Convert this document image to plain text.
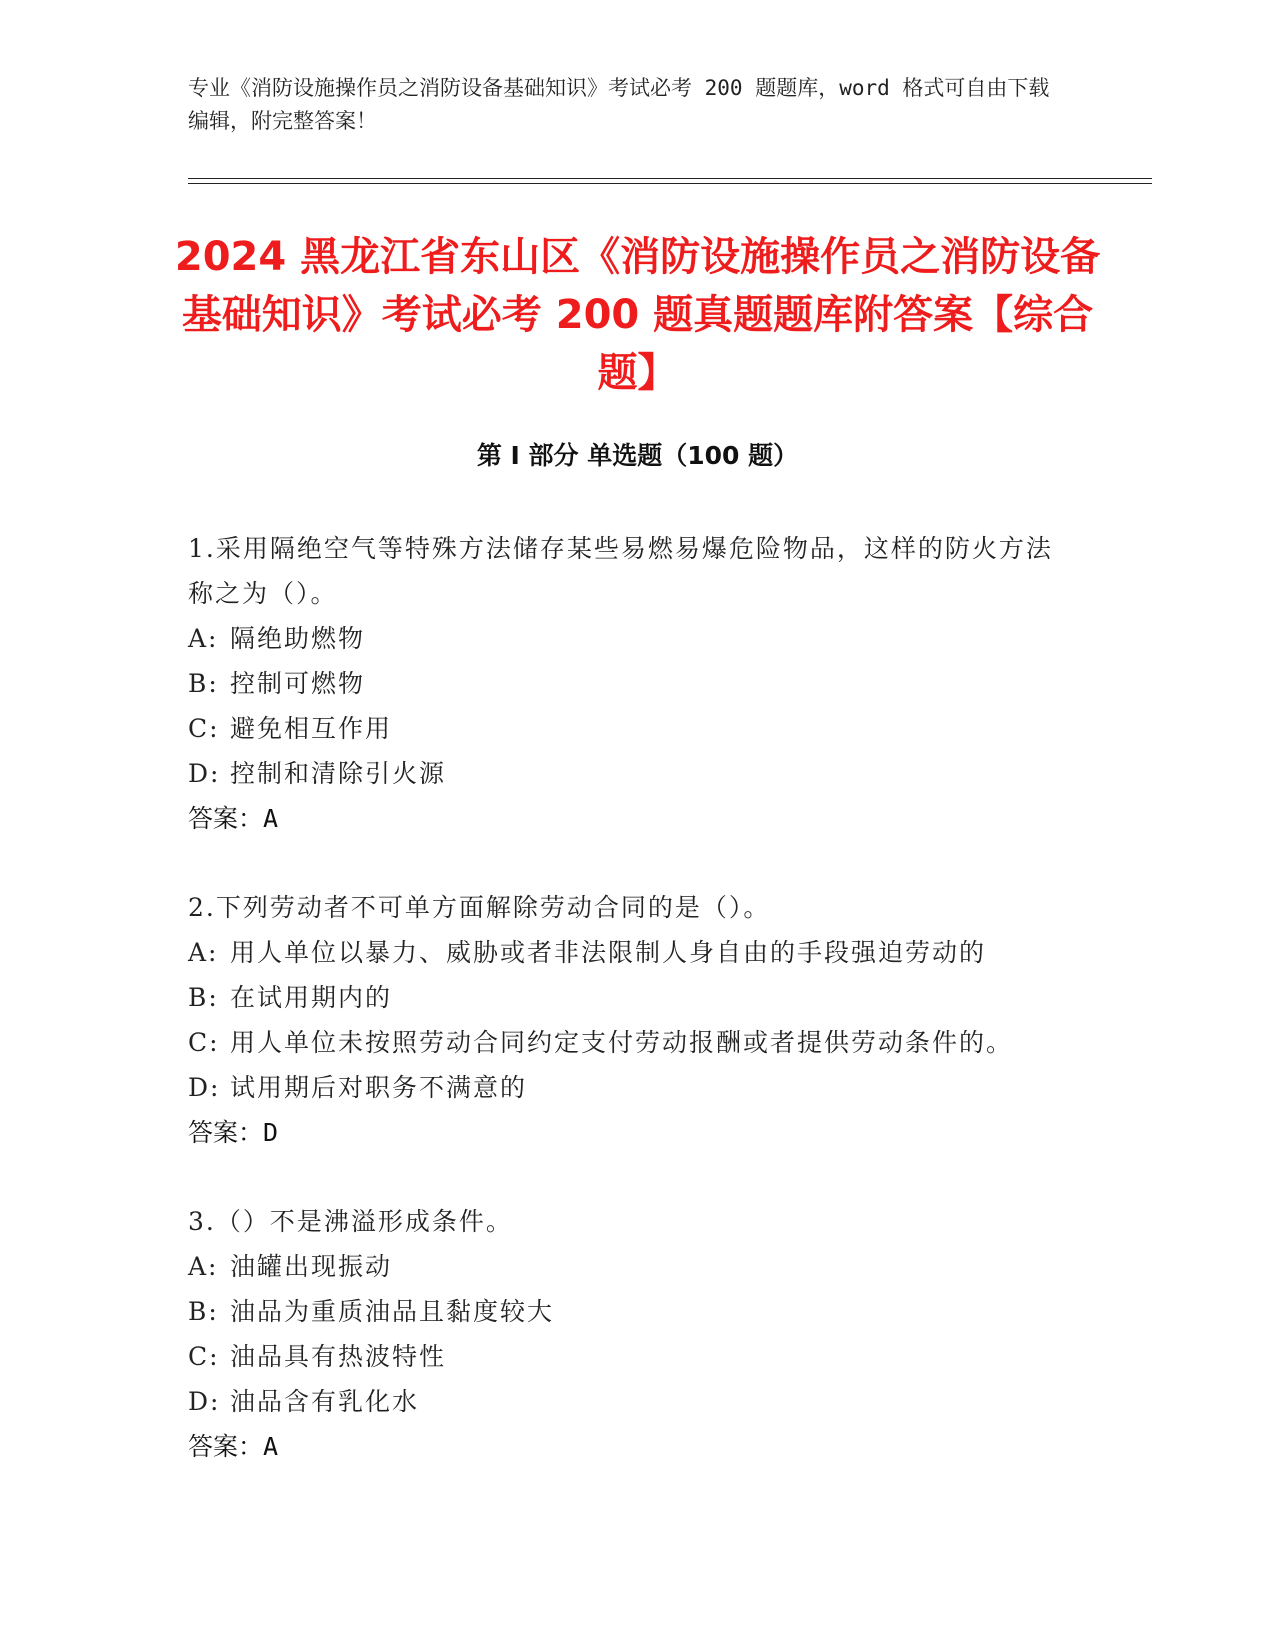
专业《消防设施操作员之消防设备基础知识》考试必考 200 题题库，word 格式可自由下载编辑，附完整答案！
2024 黑龙江省东山区《消防设施操作员之消防设备基础知识》考试必考 200 题真题题库附答案【综合题】
第 I 部分 单选题（100 题）
1.采用隔绝空气等特殊方法储存某些易燃易爆危险物品，这样的防火方法称之为（）。
A: 隔绝助燃物
B: 控制可燃物
C: 避免相互作用
D: 控制和清除引火源
答案：A
2.下列劳动者不可单方面解除劳动合同的是（）。
A: 用人单位以暴力、威胁或者非法限制人身自由的手段强迫劳动的
B: 在试用期内的
C: 用人单位未按照劳动合同约定支付劳动报酬或者提供劳动条件的。
D: 试用期后对职务不满意的
答案：D
3.（）不是沸溢形成条件。
A: 油罐出现振动
B: 油品为重质油品且黏度较大
C: 油品具有热波特性
D: 油品含有乳化水
答案：A
